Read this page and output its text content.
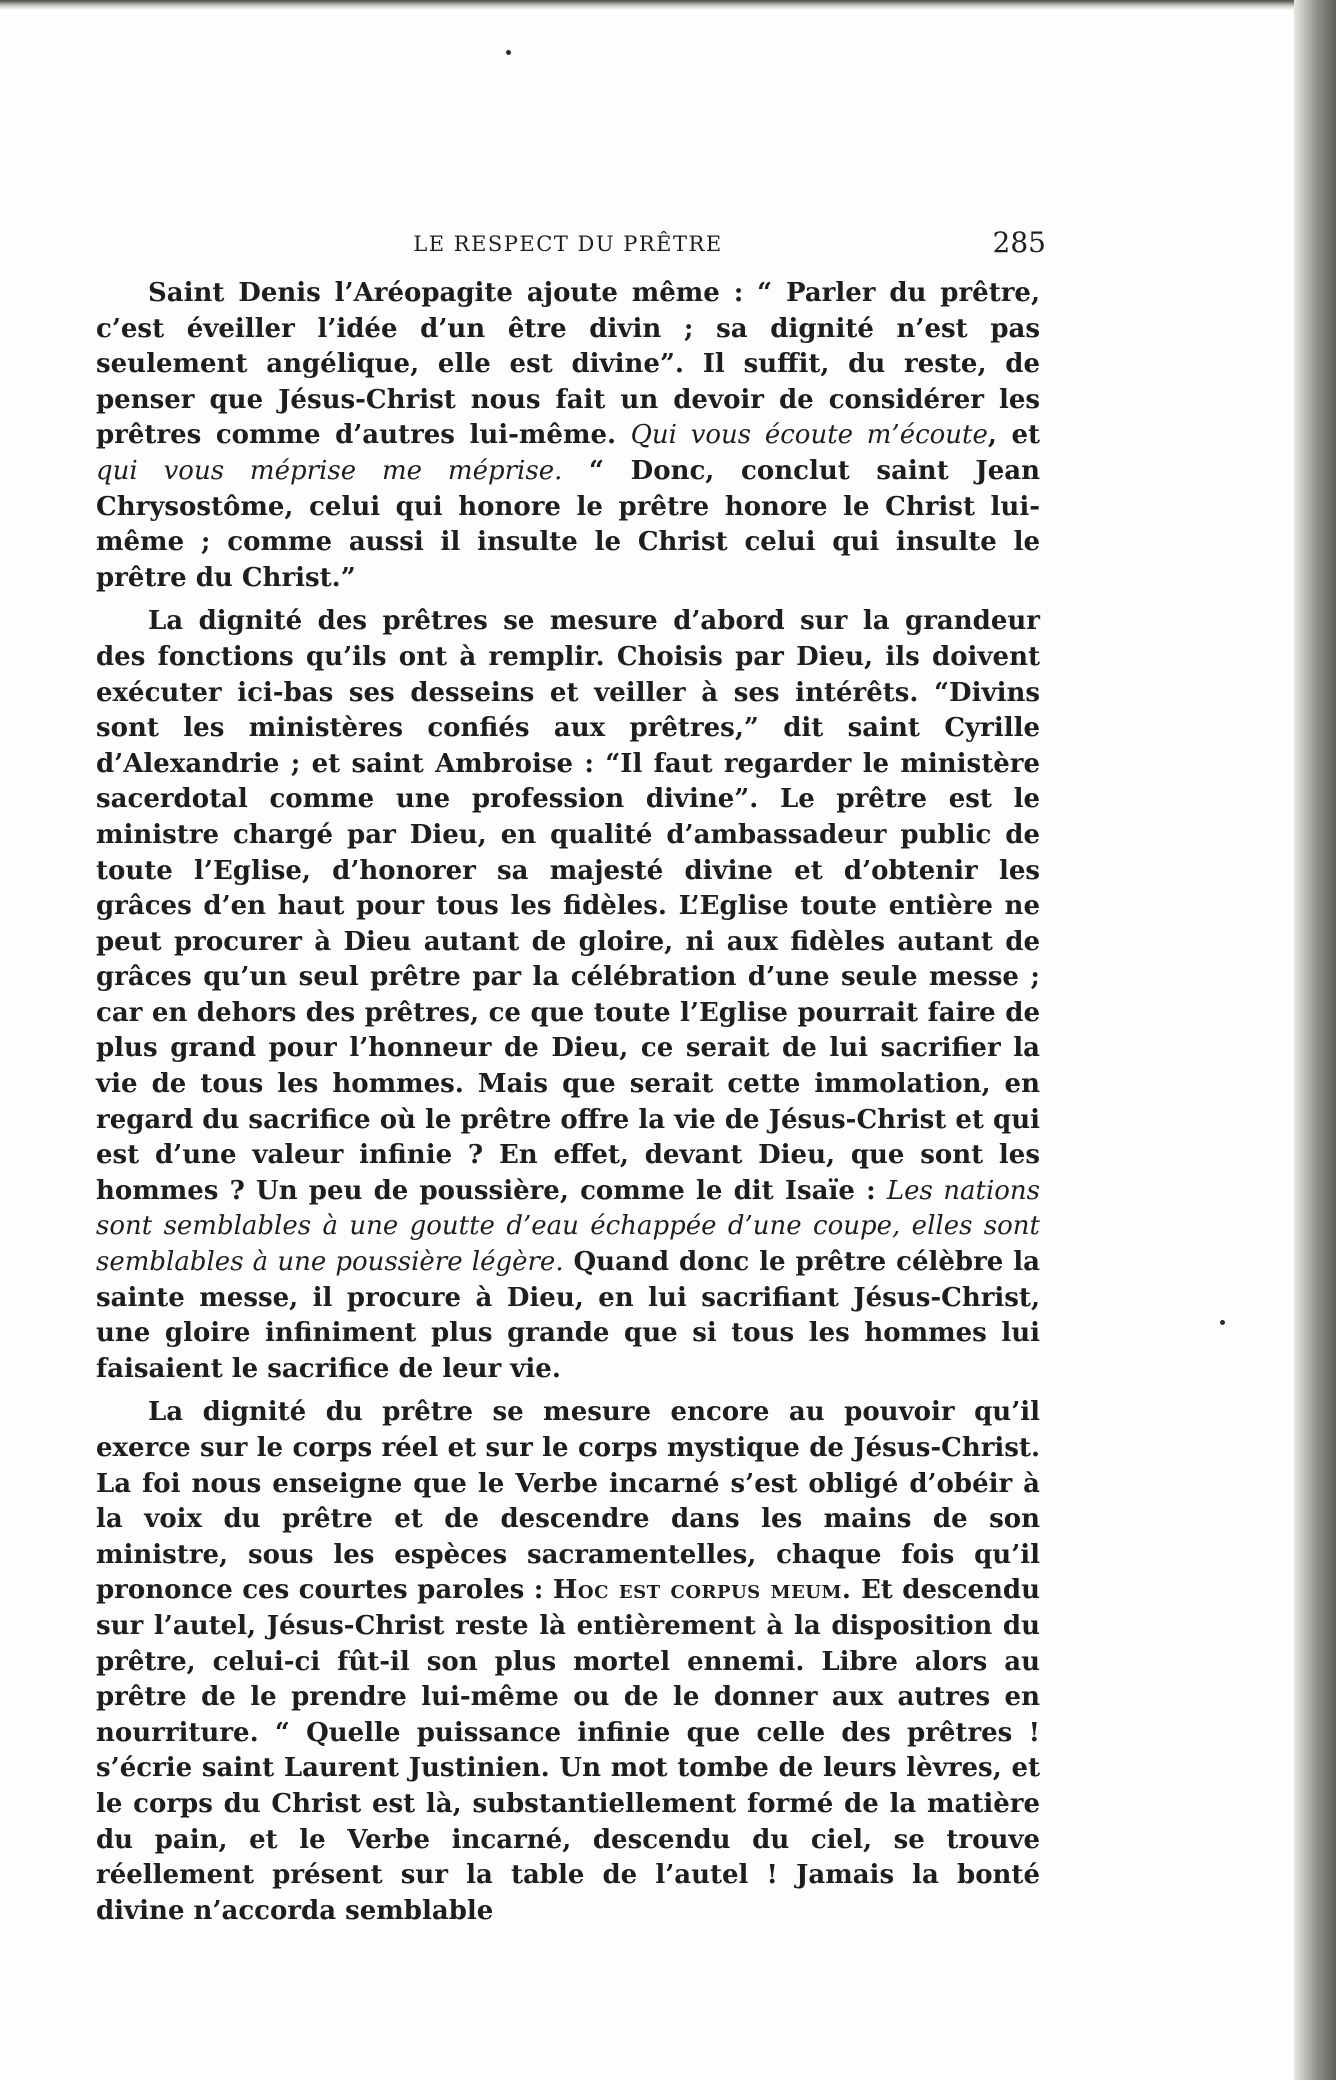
LE RESPECT DU PRÊTRE	285

Saint Denis l’Aréopagite ajoute même : “ Parler du prêtre, c’est éveiller l’idée d’un être divin ; sa dignité n’est pas seulement angélique, elle est divine”. Il suffit, du reste, de penser que Jésus-Christ nous fait un devoir de considérer les prêtres comme d’autres lui-même. Qui vous écoute m’écoute, et qui vous méprise me méprise. “ Donc, conclut saint Jean Chrysostôme, celui qui honore le prêtre honore le Christ lui-même ; comme aussi il insulte le Christ celui qui insulte le prêtre du Christ.”

La dignité des prêtres se mesure d’abord sur la grandeur des fonctions qu’ils ont à remplir. Choisis par Dieu, ils doivent exécuter ici-bas ses desseins et veiller à ses intérêts. “Divins sont les ministères confiés aux prêtres,” dit saint Cyrille d’Alexandrie ; et saint Ambroise : “Il faut regarder le ministère sacerdotal comme une profession divine”. Le prêtre est le ministre chargé par Dieu, en qualité d’ambassadeur public de toute l’Eglise, d’honorer sa majesté divine et d’obtenir les grâces d’en haut pour tous les fidèles. L’Eglise toute entière ne peut procurer à Dieu autant de gloire, ni aux fidèles autant de grâces qu’un seul prêtre par la célébration d’une seule messe ; car en dehors des prêtres, ce que toute l’Eglise pourrait faire de plus grand pour l’honneur de Dieu, ce serait de lui sacrifier la vie de tous les hommes. Mais que serait cette immolation, en regard du sacrifice où le prêtre offre la vie de Jésus-Christ et qui est d’une valeur infinie ? En effet, devant Dieu, que sont les hommes ? Un peu de poussière, comme le dit Isaïe : Les nations sont semblables à une goutte d’eau échappée d’une coupe, elles sont semblables à une poussière légère. Quand donc le prêtre célèbre la sainte messe, il procure à Dieu, en lui sacrifiant Jésus-Christ, une gloire infiniment plus grande que si tous les hommes lui faisaient le sacrifice de leur vie.

La dignité du prêtre se mesure encore au pouvoir qu’il exerce sur le corps réel et sur le corps mystique de Jésus-Christ. La foi nous enseigne que le Verbe incarné s’est obligé d’obéir à la voix du prêtre et de descendre dans les mains de son ministre, sous les espèces sacramentelles, chaque fois qu’il prononce ces courtes paroles : Hoc est corpus meum. Et descendu sur l’autel, Jésus-Christ reste là entièrement à la disposition du prêtre, celui-ci fût-il son plus mortel ennemi. Libre alors au prêtre de le prendre lui-même ou de le donner aux autres en nourriture. “ Quelle puissance infinie que celle des prêtres ! s’écrie saint Laurent Justinien. Un mot tombe de leurs lèvres, et le corps du Christ est là, substantiellement formé de la matière du pain, et le Verbe incarné, descendu du ciel, se trouve réellement présent sur la table de l’autel ! Jamais la bonté divine n’accorda semblable
